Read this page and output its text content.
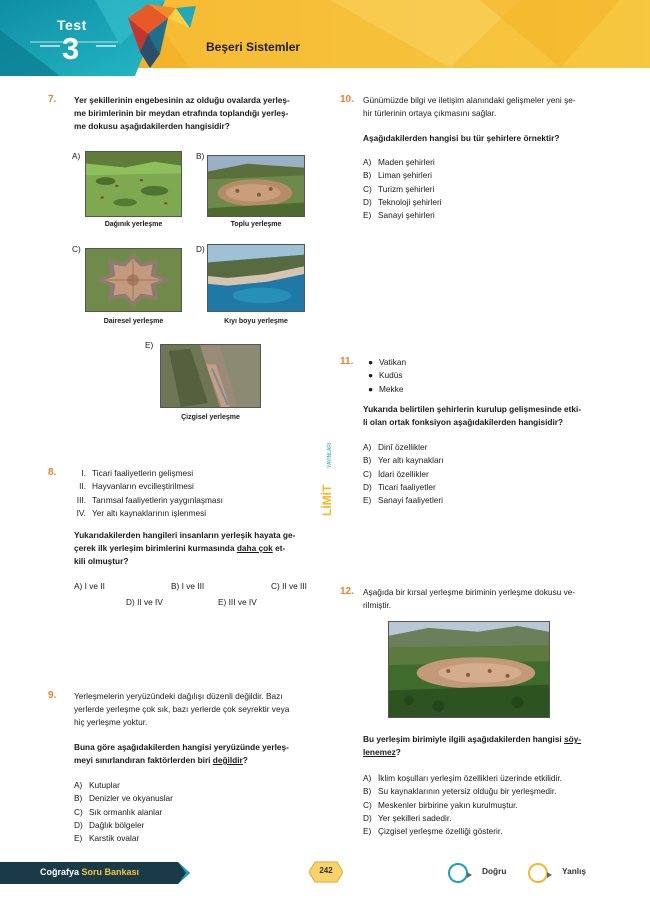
Test
3	Beşeri Sistemler
7. Yer şekillerinin engebesinin az olduğu ovalarda yerleş-
me birimlerinin bir meydan etrafında toplandığı yerleş-
me dokusu aşağıdakilerden hangisidir?
A)
Dağınık yerleşme
B)
Toplu yerleşme
C)
Dairesel yerleşme
D)
Kıyı boyu yerleşme
E)
Çizgisel yerleşme
8.	I. Ticari faaliyetlerin gelişmesi
II. Hayvanların evcilleştirilmesi
III. Tarımsal faaliyetlerin yaygınlaşması
IV. Yer altı kaynaklarının işlenmesi
Yukarıdakilerden hangileri insanların yerleşik hayata ge-
çerek ilk yerleşim birimlerini kurmasında daha çok et-
kili olmuştur?
A) I ve II	B) I ve III	C) II ve III
D) II ve IV	E) III ve IV
9. Yerleşmelerin yeryüzündeki dağılışı düzenli değildir. Bazı
yerlerde yerleşme çok sık, bazı yerlerde çok seyrektir veya
hiç yerleşme yoktur.
Buna göre aşağıdakilerden hangisi yeryüzünde yerleş-
meyi sınırlandıran faktörlerden biri değildir?
A) Kutuplar
B) Denizler ve okyanuslar
C) Sık ormanlık alanlar
D) Dağlık bölgeler
E) Karstik ovalar
LİMİT
YAYINLARI
10. Günümüzde bilgi ve iletişim alanındaki gelişmeler yeni şe-
hir türlerinin ortaya çıkmasını sağlar.
Aşağıdakilerden hangisi bu tür şehirlere örnektir?
A) Maden şehirleri
B) Liman şehirleri
C) Turizm şehirleri
D) Teknoloji şehirleri
E) Sanayi şehirleri
11. ● Vatikan
● Kudüs
● Mekke
Yukarıda belirtilen şehirlerin kurulup gelişmesinde etki-
li olan ortak fonksiyon aşağıdakilerden hangisidir?
A) Dinî özellikler
B) Yer altı kaynakları
C) İdari özellikler
D) Ticari faaliyetler
E) Sanayi faaliyetleri
12. Aşağıda bir kırsal yerleşme biriminin yerleşme dokusu ve-
rilmiştir.
Bu yerleşim birimiyle ilgili aşağıdakilerden hangisi söy-
lenemez?
A) İklim koşulları yerleşim özellikleri üzerinde etkilidir.
B) Su kaynaklarının yetersiz olduğu bir yerleşmedir.
C) Meskenler birbirine yakın kurulmuştur.
D) Yer şekilleri sadedir.
E) Çizgisel yerleşme özelliği gösterir.
Coğrafya Soru Bankası	242	Doğru	Yanlış
